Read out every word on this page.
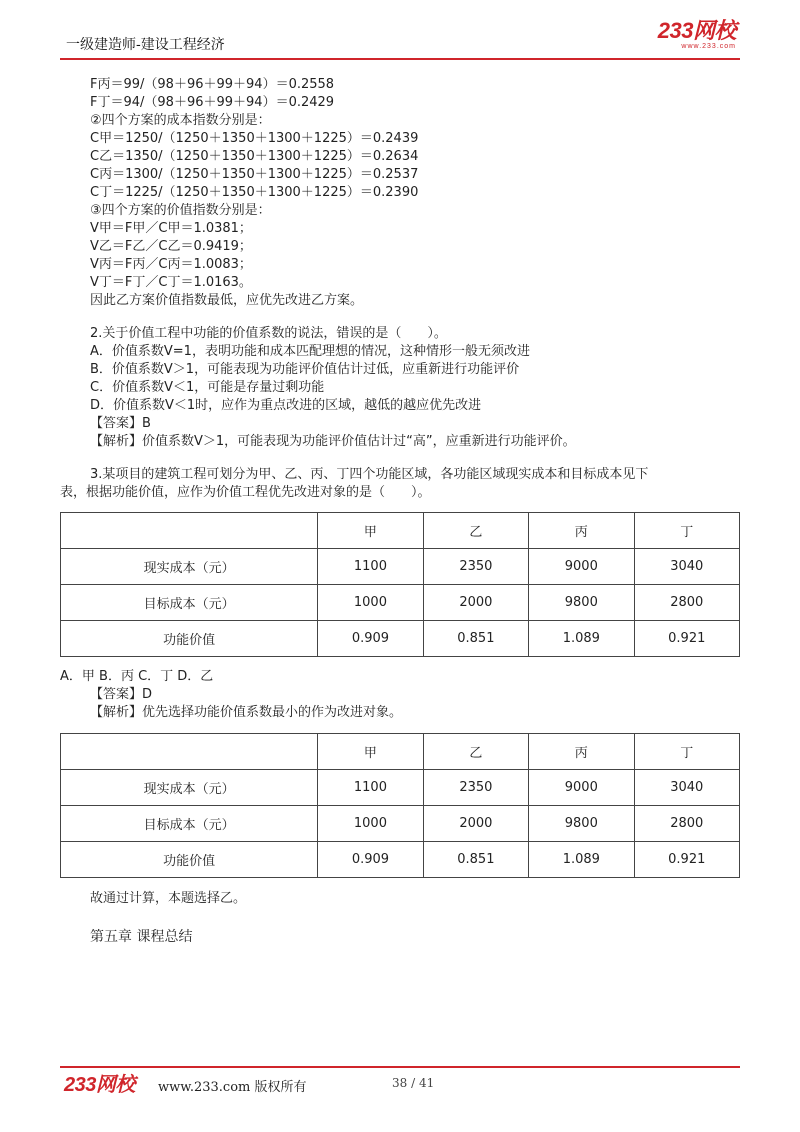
一级建造师-建设工程经济
233网校
www.233.com
F丙＝99/（98＋96＋99＋94）＝0.2558
F丁＝94/（98＋96＋99＋94）＝0.2429
②四个方案的成本指数分别是：
C甲＝1250/（1250＋1350＋1300＋1225）＝0.2439
C乙＝1350/（1250＋1350＋1300＋1225）＝0.2634
C丙＝1300/（1250＋1350＋1300＋1225）＝0.2537
C丁＝1225/（1250＋1350＋1300＋1225）＝0.2390
③四个方案的价值指数分别是：
V甲＝F甲／C甲＝1.0381；
V乙＝F乙／C乙＝0.9419；
V丙＝F丙／C丙＝1.0083；
V丁＝F丁／C丁＝1.0163。
因此乙方案价值指数最低，应优先改进乙方案。
2.关于价值工程中功能的价值系数的说法，错误的是（　　）。
A．价值系数V=1，表明功能和成本匹配理想的情况，这种情形一般无须改进
B．价值系数V＞1，可能表现为功能评价值估计过低，应重新进行功能评价
C．价值系数V＜1，可能是存量过剩功能
D．价值系数V＜1时，应作为重点改进的区域，越低的越应优先改进
【答案】B
【解析】价值系数V＞1，可能表现为功能评价值估计过“高”，应重新进行功能评价。
3.某项目的建筑工程可划分为甲、乙、丙、丁四个功能区域，各功能区域现实成本和目标成本见下
表，根据功能价值，应作为价值工程优先改进对象的是（　　）。
	甲	乙	丙	丁
现实成本（元）	1100	2350	9000	3040
目标成本（元）	1000	2000	9800	2800
功能价值	0.909	0.851	1.089	0.921
A．甲 B．丙 C．丁 D．乙
【答案】D
【解析】优先选择功能价值系数最小的作为改进对象。
	甲	乙	丙	丁
现实成本（元）	1100	2350	9000	3040
目标成本（元）	1000	2000	9800	2800
功能价值	0.909	0.851	1.089	0.921
故通过计算，本题选择乙。
第五章 课程总结
233网校 www.233.com 版权所有	38 / 41
